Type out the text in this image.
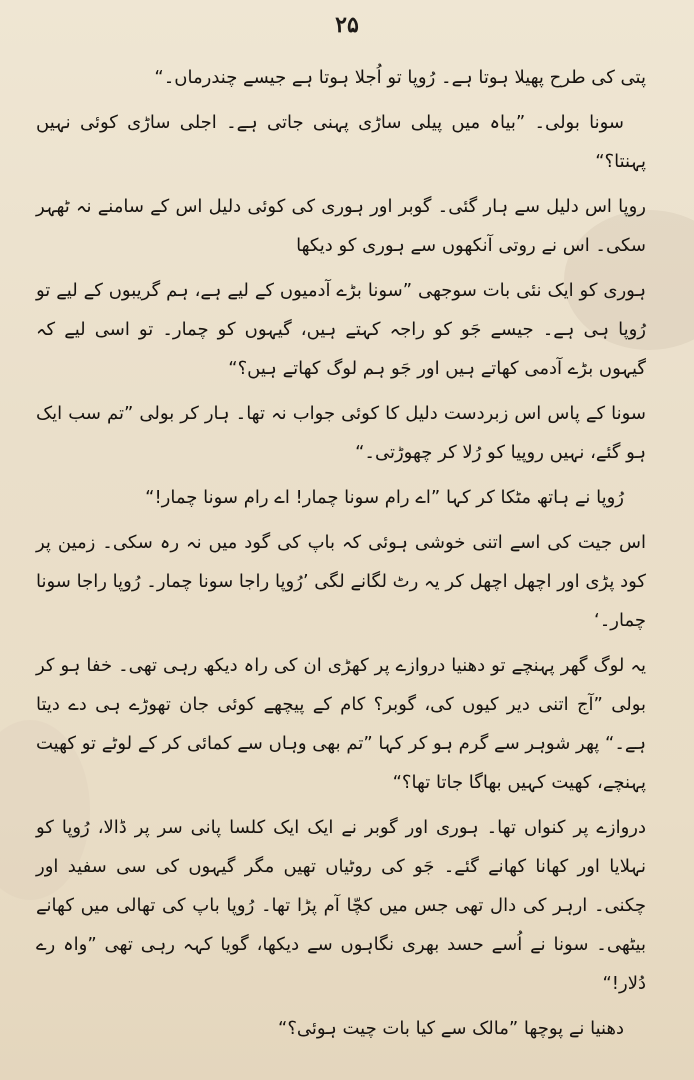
۲۵

پتی کی طرح پھیلا ہوتا ہے۔ رُوپا تو اُجلا ہوتا ہے جیسے چندرماں۔“

سونا بولی۔ ”بیاہ میں پیلی ساڑی پہنی جاتی ہے۔ اجلی ساڑی کوئی نہیں پہنتا؟“

روپا اس دلیل سے ہار گئی۔ گوبر اور ہوری کی کوئی دلیل اس کے سامنے نہ ٹھہر سکی۔ اس نے روتی آنکھوں سے ہوری کو دیکھا

ہوری کو ایک نئی بات سوجھی ”سونا بڑے آدمیوں کے لیے ہے، ہم گریبوں کے لیے تو رُوپا ہی ہے۔ جیسے جَو کو راجہ کہتے ہیں، گیہوں کو چمار۔ تو اسی لیے کہ گیہوں بڑے آدمی کھاتے ہیں اور جَو ہم لوگ کھاتے ہیں؟“

سونا کے پاس اس زبردست دلیل کا کوئی جواب نہ تھا۔ ہار کر بولی ”تم سب ایک ہو گئے، نہیں روپیا کو رُلا کر چھوڑتی۔“

رُوپا نے ہاتھ مٹکا کر کہا ”اے رام سونا چمار! اے رام سونا چمار!“

اس جیت کی اسے اتنی خوشی ہوئی کہ باپ کی گود میں نہ رہ سکی۔ زمین پر کود پڑی اور اچھل اچھل کر یہ رٹ لگانے لگی ’رُوپا راجا سونا چمار۔ رُوپا راجا سونا چمار۔‘

یہ لوگ گھر پہنچے تو دھنیا دروازے پر کھڑی ان کی راہ دیکھ رہی تھی۔ خفا ہو کر بولی ”آج اتنی دیر کیوں کی، گوبر؟ کام کے پیچھے کوئی جان تھوڑے ہی دے دیتا ہے۔“ پھر شوہر سے گرم ہو کر کہا ”تم بھی وہاں سے کمائی کر کے لوٹے تو کھیت پہنچے، کھیت کہیں بھاگا جاتا تھا؟“

دروازے پر کنواں تھا۔ ہوری اور گوبر نے ایک ایک کلسا پانی سر پر ڈالا، رُوپا کو نہلایا اور کھانا کھانے گئے۔ جَو کی روٹیاں تھیں مگر گیہوں کی سی سفید اور چکنی۔ ارہر کی دال تھی جس میں کچّا آم پڑا تھا۔ رُوپا باپ کی تھالی میں کھانے بیٹھی۔ سونا نے اُسے حسد بھری نگاہوں سے دیکھا، گویا کہہ رہی تھی ”واہ رے دُلار!“

دھنیا نے پوچھا ”مالک سے کیا بات چیت ہوئی؟“
